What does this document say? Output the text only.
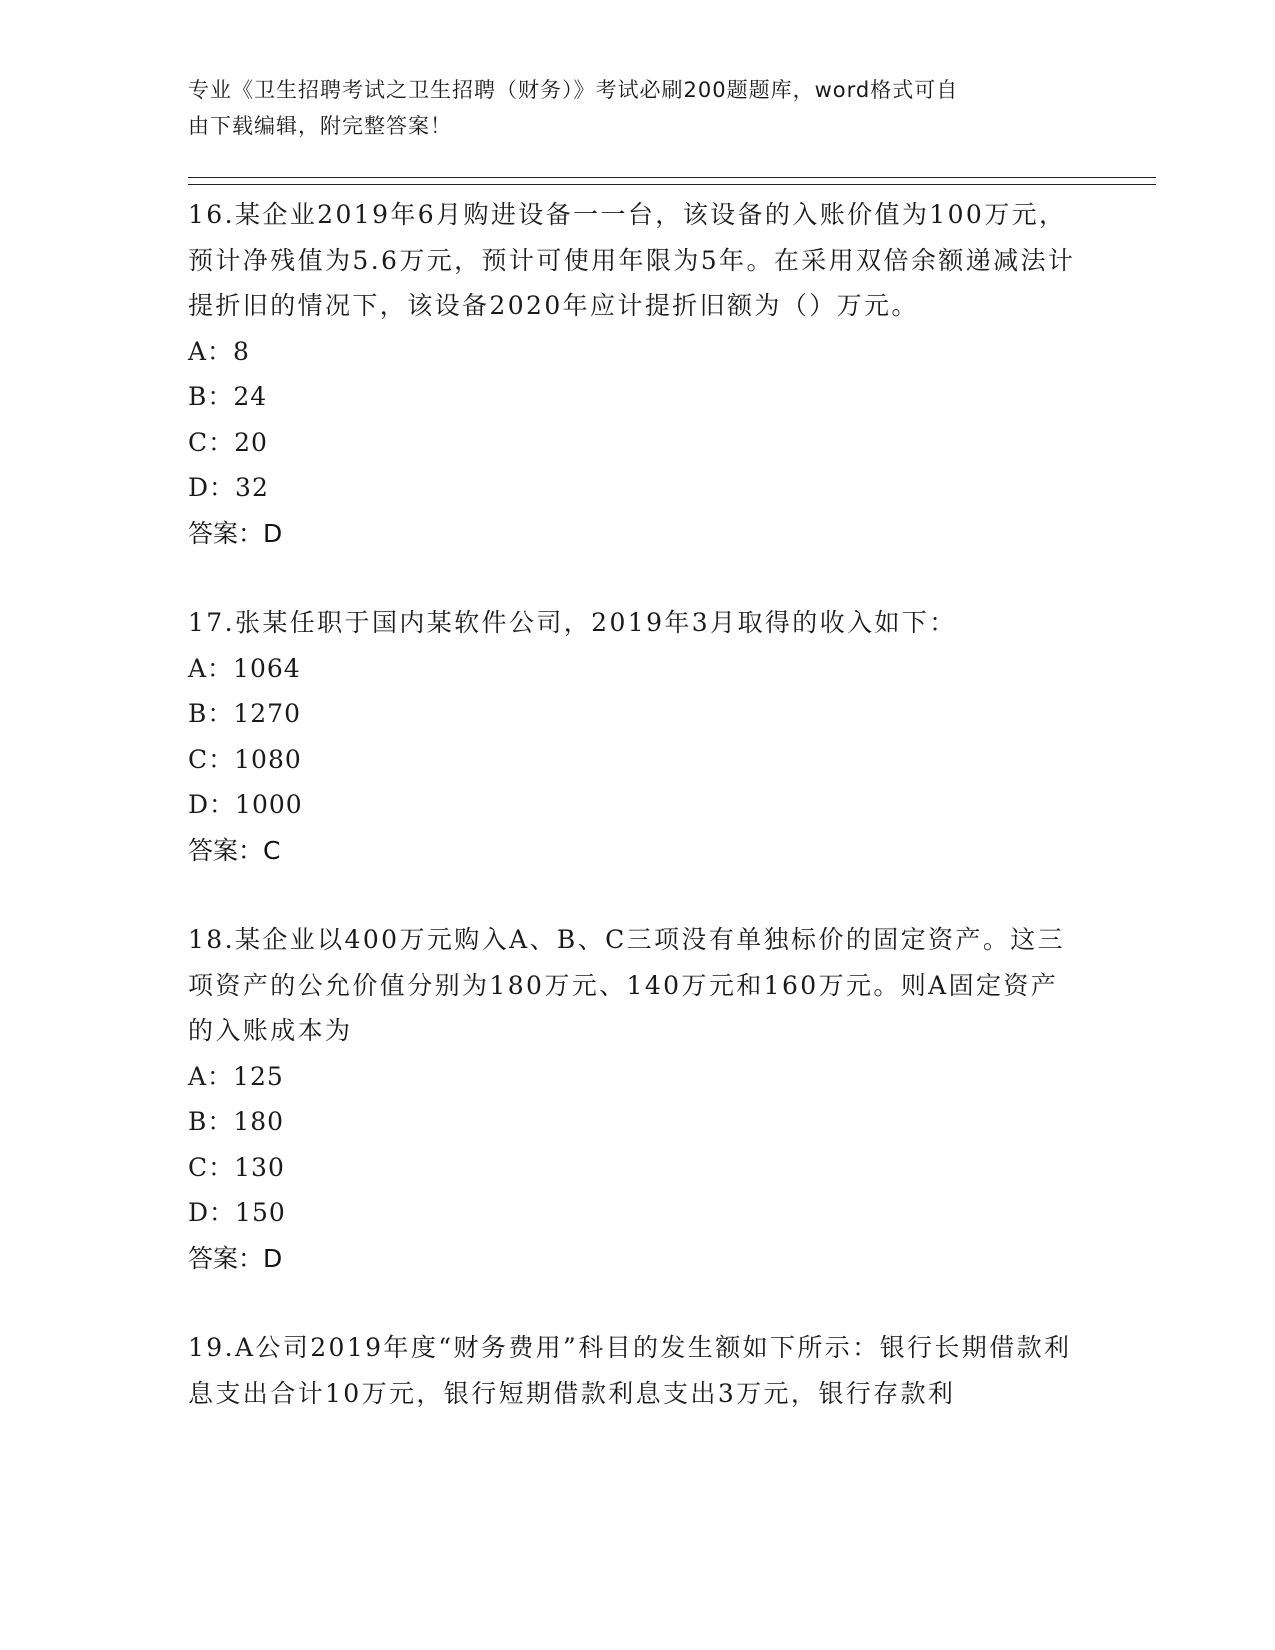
专业《卫生招聘考试之卫生招聘（财务）》考试必刷200题题库，word格式可自
由下载编辑，附完整答案！
16.某企业2019年6月购进设备一一台，该设备的入账价值为100万元，预计净残值为5.6万元，预计可使用年限为5年。在采用双倍余额递减法计提折旧的情况下，该设备2020年应计提折旧额为（）万元。
A：8
B：24
C：20
D：32
答案：D
17.张某任职于国内某软件公司，2019年3月取得的收入如下：
A：1064
B：1270
C：1080
D：1000
答案：C
18.某企业以400万元购入A、B、C三项没有单独标价的固定资产。这三项资产的公允价值分别为180万元、140万元和160万元。则A固定资产的入账成本为
A：125
B：180
C：130
D：150
答案：D
19.A公司2019年度“财务费用”科目的发生额如下所示：银行长期借款利息支出合计10万元，银行短期借款利息支出3万元，银行存款利
